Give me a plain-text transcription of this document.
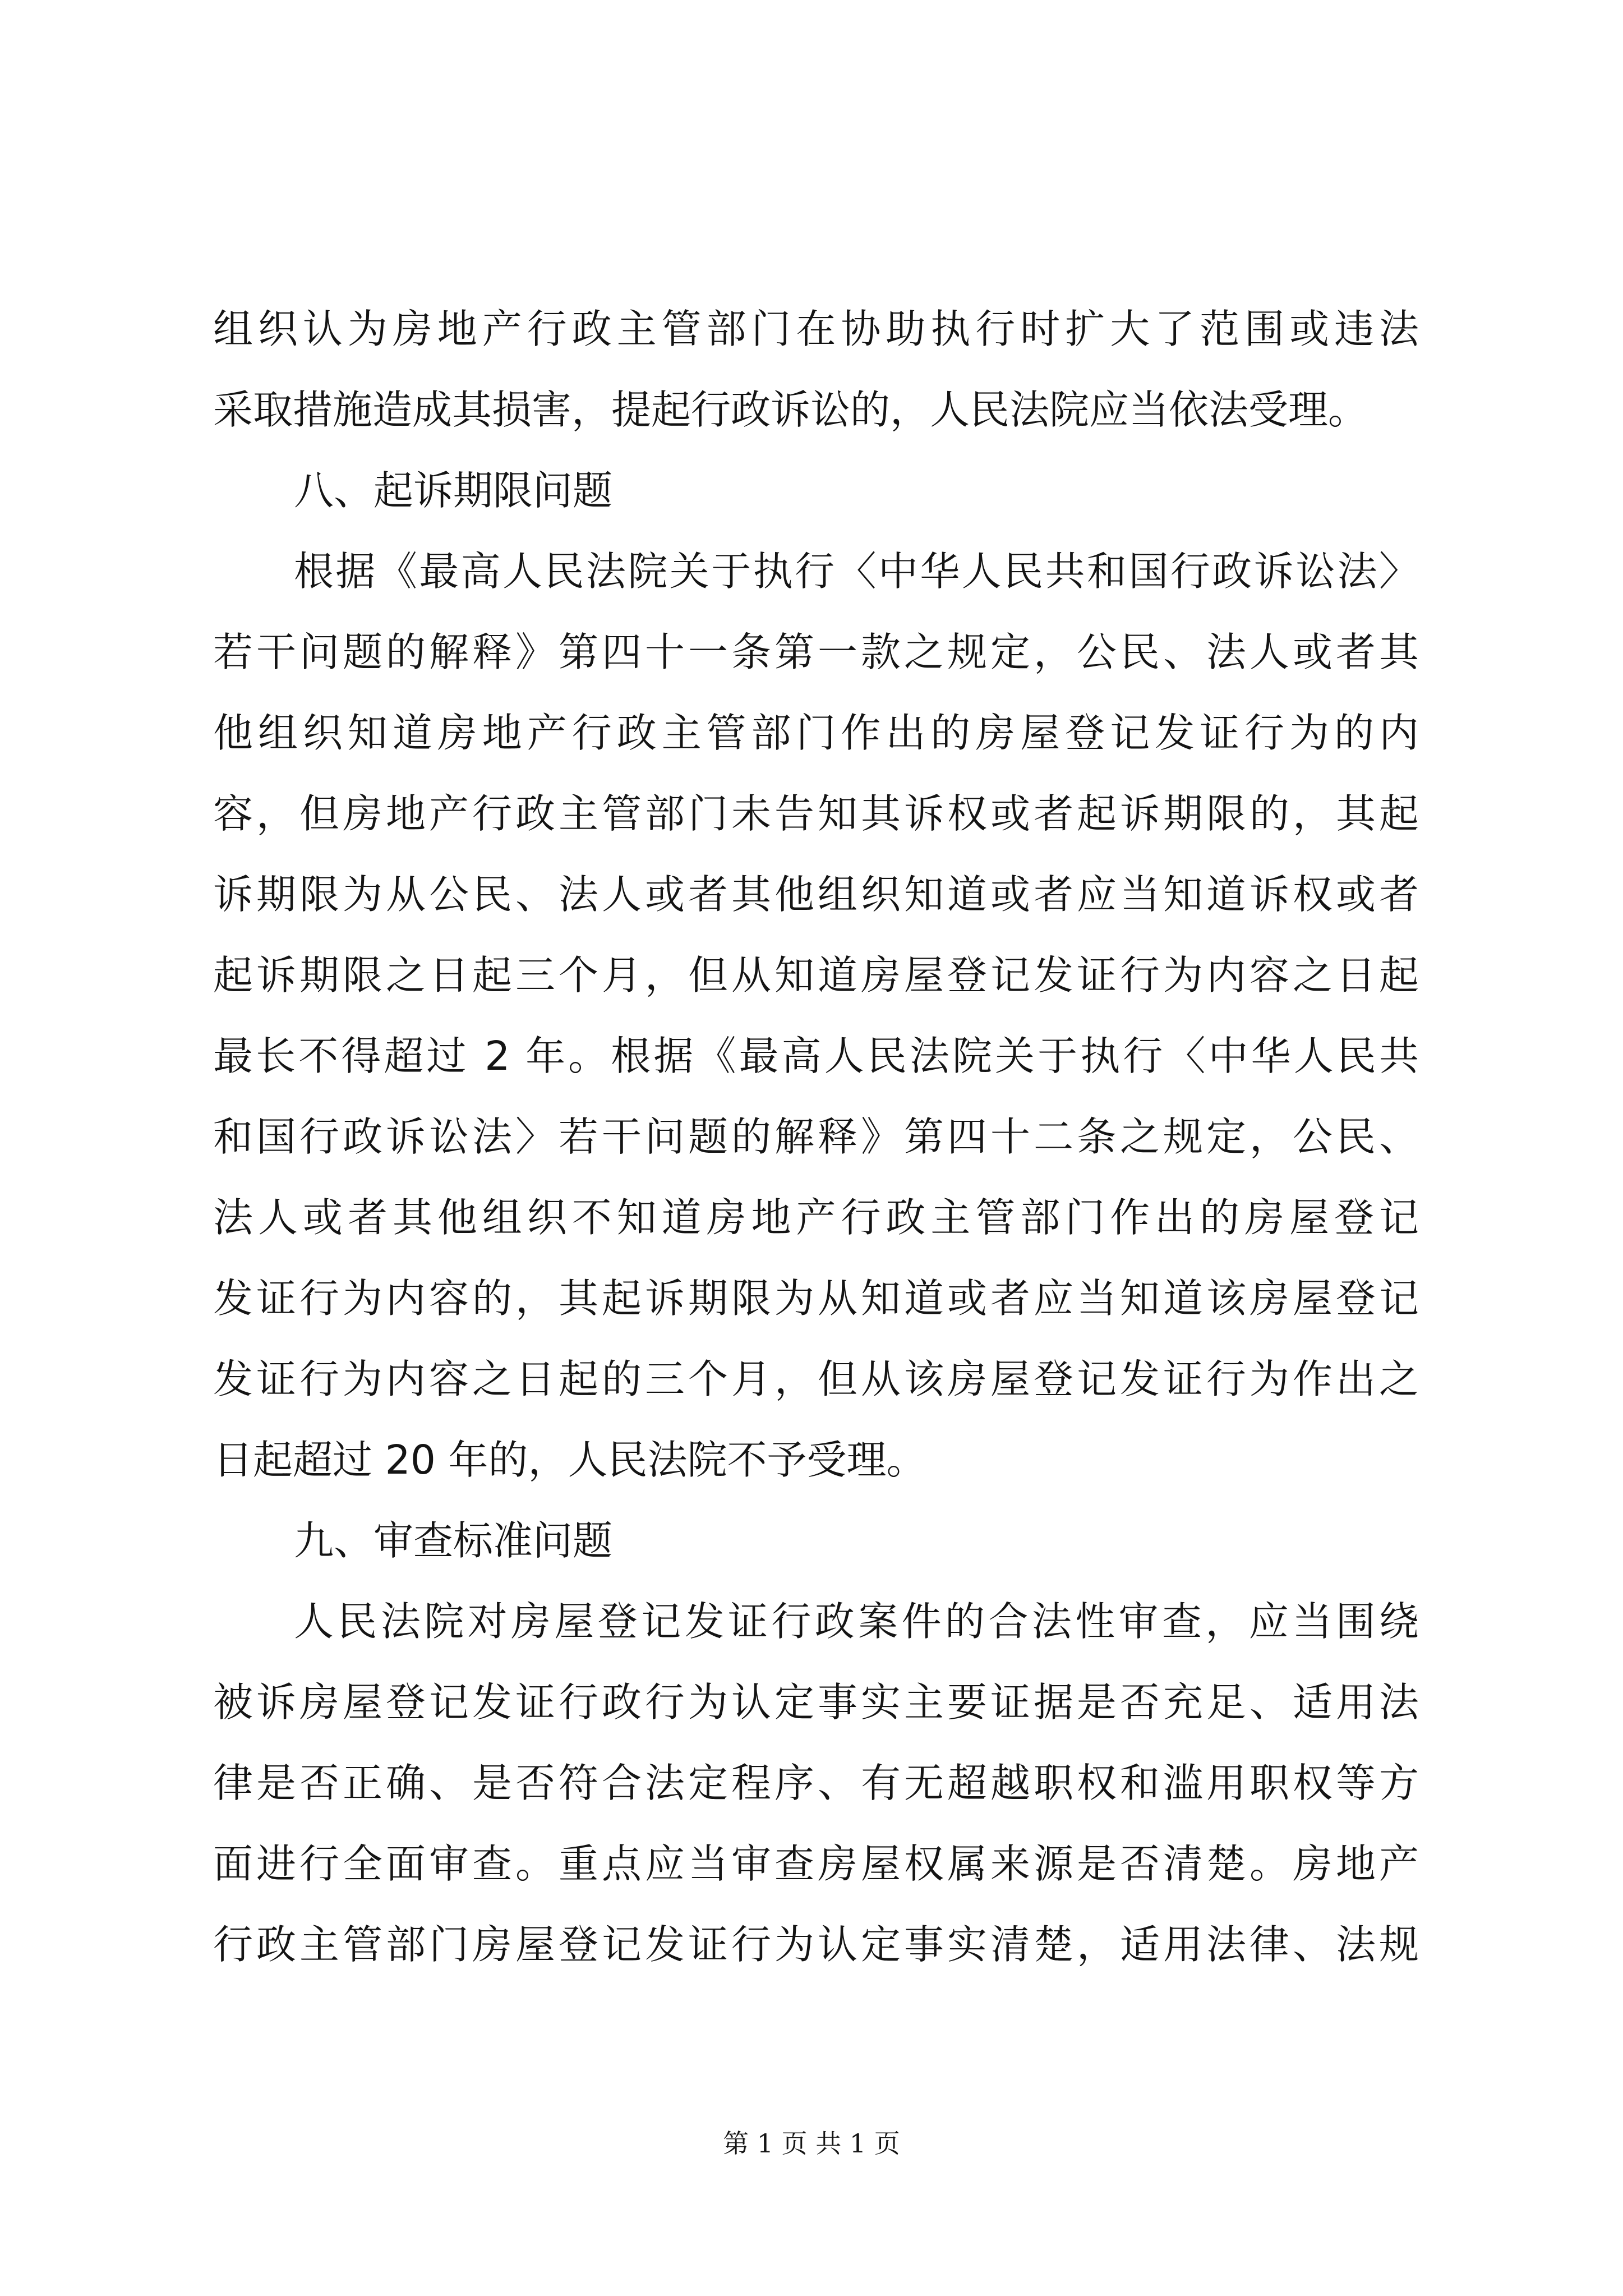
组织认为房地产行政主管部门在协助执行时扩大了范围或违法
采取措施造成其损害，提起行政诉讼的，人民法院应当依法受理。
八、起诉期限问题
根据《最高人民法院关于执行〈中华人民共和国行政诉讼法〉
若干问题的解释》第四十一条第一款之规定，公民、法人或者其
他组织知道房地产行政主管部门作出的房屋登记发证行为的内
容，但房地产行政主管部门未告知其诉权或者起诉期限的，其起
诉期限为从公民、法人或者其他组织知道或者应当知道诉权或者
起诉期限之日起三个月，但从知道房屋登记发证行为内容之日起
最长不得超过 2 年。根据《最高人民法院关于执行〈中华人民共
和国行政诉讼法〉若干问题的解释》第四十二条之规定，公民、
法人或者其他组织不知道房地产行政主管部门作出的房屋登记
发证行为内容的，其起诉期限为从知道或者应当知道该房屋登记
发证行为内容之日起的三个月，但从该房屋登记发证行为作出之
日起超过 20 年的，人民法院不予受理。
九、审查标准问题
人民法院对房屋登记发证行政案件的合法性审查，应当围绕
被诉房屋登记发证行政行为认定事实主要证据是否充足、适用法
律是否正确、是否符合法定程序、有无超越职权和滥用职权等方
面进行全面审查。重点应当审查房屋权属来源是否清楚。房地产
行政主管部门房屋登记发证行为认定事实清楚，适用法律、法规
第 1 页 共 1 页
